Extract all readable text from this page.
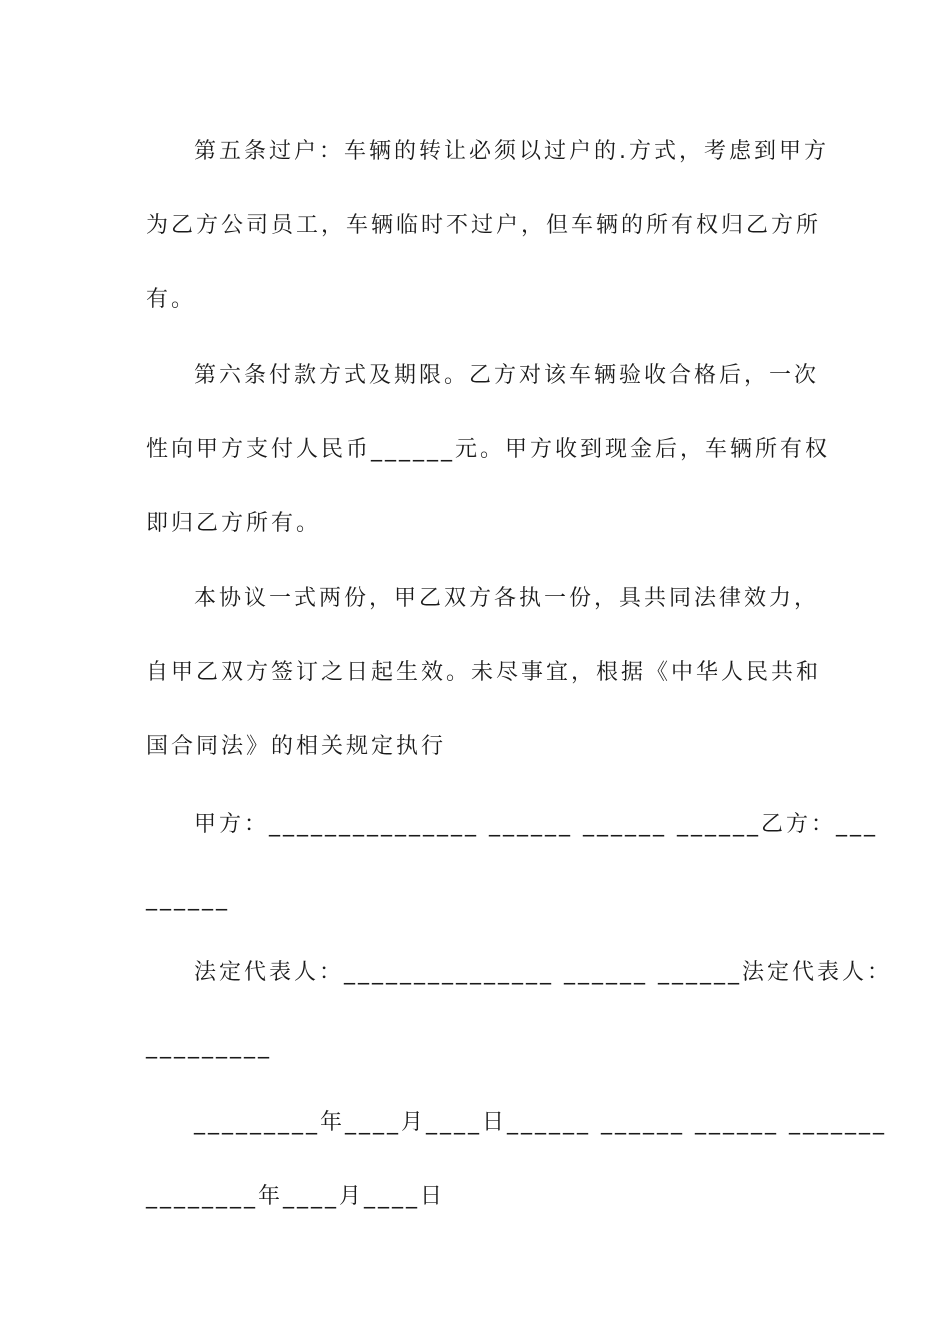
第五条过户：车辆的转让必须以过户的.方式，考虑到甲方
为乙方公司员工，车辆临时不过户，但车辆的所有权归乙方所
有。
第六条付款方式及期限。乙方对该车辆验收合格后，一次
性向甲方支付人民币______元。甲方收到现金后，车辆所有权
即归乙方所有。
本协议一式两份，甲乙双方各执一份，具共同法律效力，
自甲乙双方签订之日起生效。未尽事宜，根据《中华人民共和
国合同法》的相关规定执行
甲方：_______________ ______ ______ ______乙方：___
______
法定代表人：_______________ ______ ______法定代表人：
_________
_________年____月____日______ ______ ______ _______
________年____月____日
